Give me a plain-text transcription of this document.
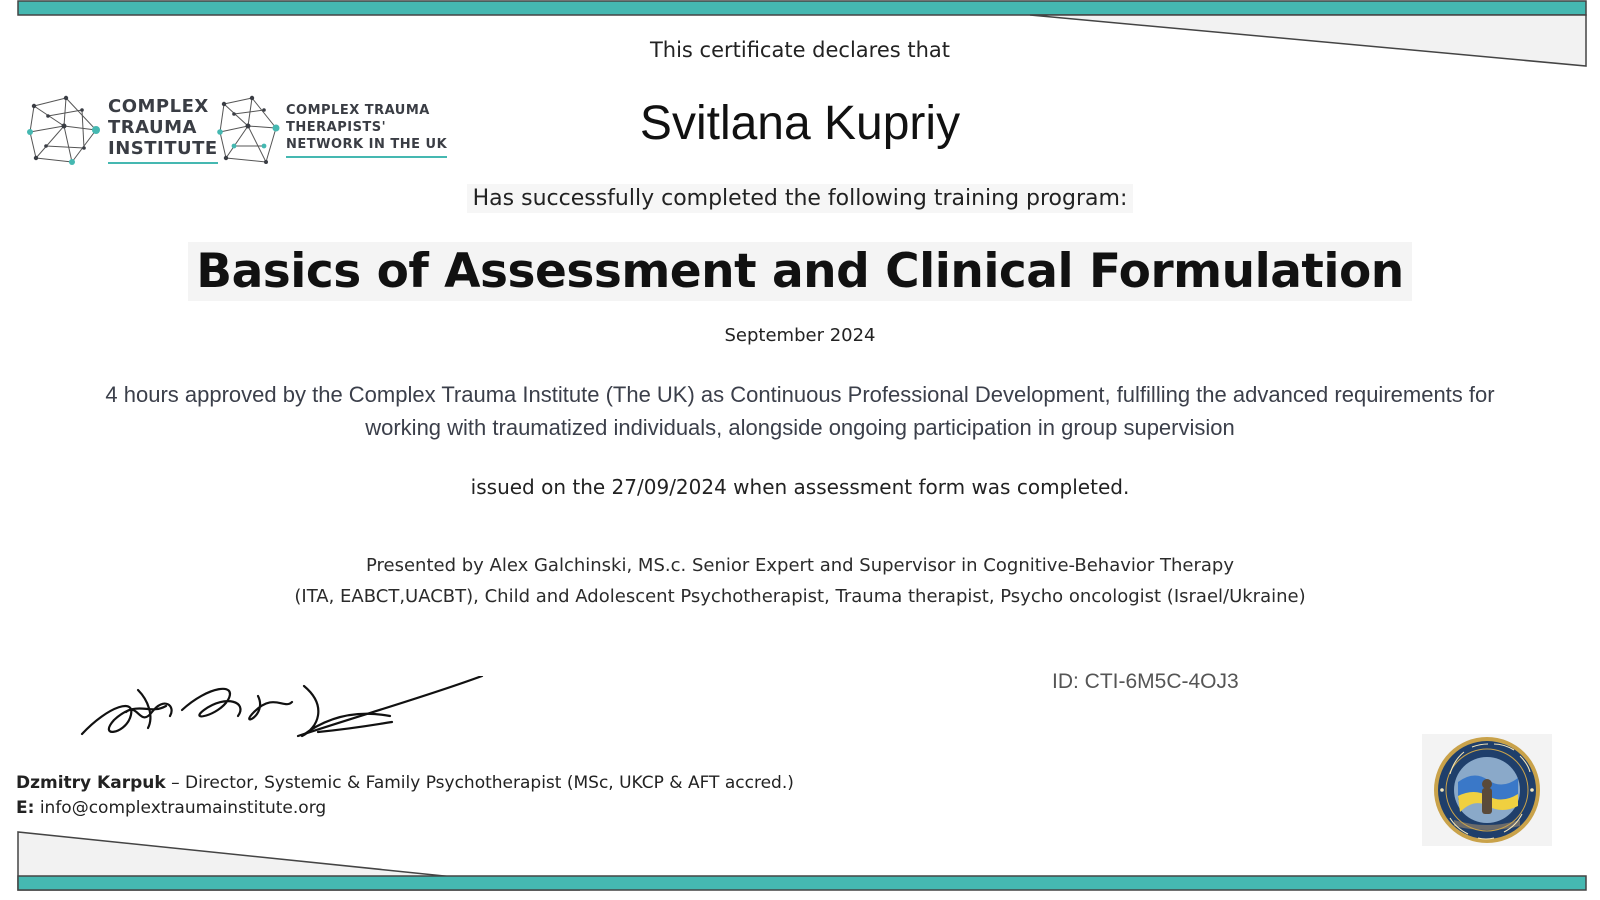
COMPLEX
TRAUMA
INSTITUTE
COMPLEX TRAUMA
THERAPISTS'
NETWORK IN THE UK
This certificate declares that
Svitlana Kupriy
Has successfully completed the following training program:
Basics of Assessment and Clinical Formulation
September 2024
4 hours approved by the Complex Trauma Institute (The UK) as Continuous Professional Development, fulfilling the advanced requirements for
working with traumatized individuals, alongside ongoing participation in group supervision
issued on the 27/09/2024 when assessment form was completed.
Presented by Alex Galchinski, MS.c. Senior Expert and Supervisor in Cognitive-Behavior Therapy
(ITA, EABCT,UACBT), Child and Adolescent Psychotherapist, Trauma therapist, Psycho oncologist (Israel/Ukraine)
ID: CTI-6M5C-4OJ3
Dzmitry Karpuk – Director, Systemic & Family Psychotherapist (MSc, UKCP & AFT accred.)
E: info@complextraumainstitute.org
